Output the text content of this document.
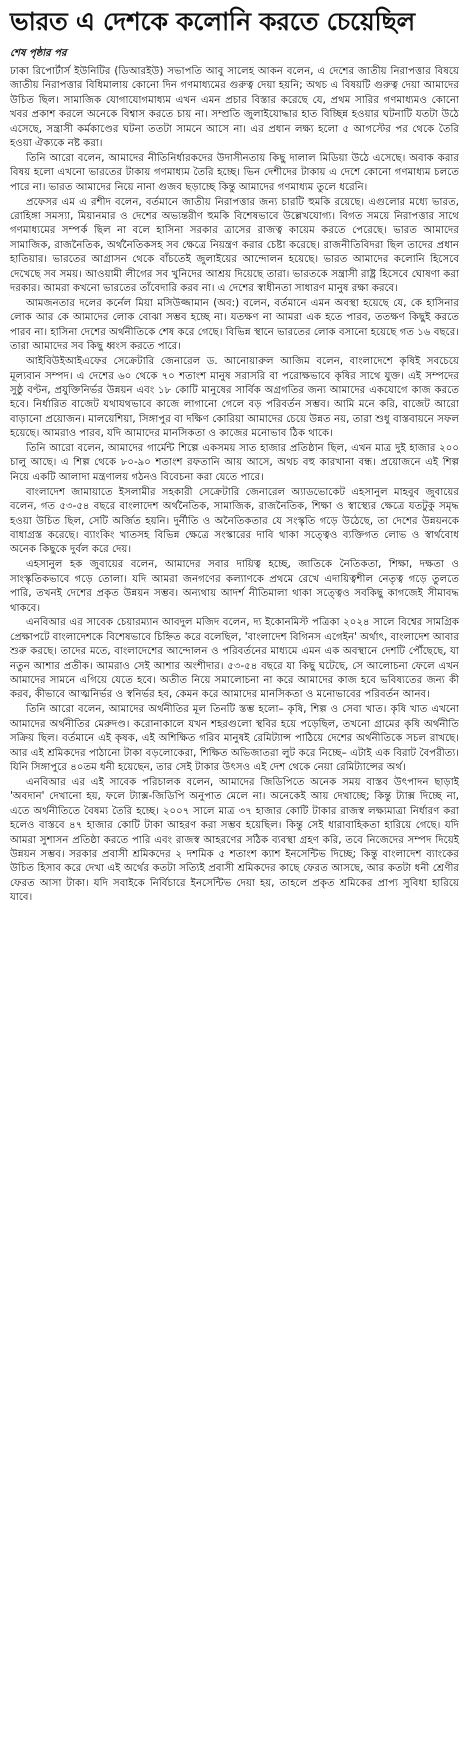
ভারত এ দেশকে কলোনি করতে চেয়েছিল
শেষ পৃষ্ঠার পর

ঢাকা রিপোর্টার্স ইউনিটির (ডিআরইউ) সভাপতি আবু সালেহ আকন বলেন, এ দেশের জাতীয় নিরাপত্তার বিষয়ে জাতীয় নিরাপত্তার বিধিমালায় কোনো দিন গণমাধ্যমের গুরুত্ব দেয়া হয়নি; অথচ এ বিষয়টি গুরুত্ব দেয়া আমাদের উচিত ছিল। সামাজিক যোগাযোগমাধ্যম এখন এমন প্রচার বিস্তার করেছে যে, প্রথম সারির গণমাধ্যমও কোনো খবর প্রকাশ করলে অনেকে বিশ্বাস করতে চায় না। সম্প্রতি জুলাইযোদ্ধার হাত বিচ্ছিন্ন হওয়ার ঘটনাটি যতটা উঠে এসেছে, সন্ত্রাসী কর্মকাণ্ডের ঘটনা ততটা সামনে আসে না। এর প্রধান লক্ষ্য হলো ৫ আগস্টের পর থেকে তৈরি হওয়া ঐক্যকে নষ্ট করা।

তিনি আরো বলেন, আমাদের নীতিনির্ধারকদের উদাসীনতায় কিছু দালাল মিডিয়া উঠে এসেছে। অবাক করার বিষয় হলো এখনো ভারতের টাকায় গণমাধ্যম তৈরি হচ্ছে। ভিন দেশীদের টাকায় এ দেশে কোনো গণমাধ্যম চলতে পারে না। ভারত আমাদের নিয়ে নানা গুজব ছড়াচ্ছে কিন্তু আমাদের গণমাধ্যম তুলে ধরেনি।

প্রফেসর এম এ রশীদ বলেন, বর্তমানে জাতীয় নিরাপত্তার জন্য চারটি হুমকি রয়েছে। এগুলোর মধ্যে ভারত, রোহিঙ্গা সমস্যা, মিয়ানমার ও দেশের অভ্যন্তরীণ হুমকি বিশেষভাবে উল্লেখযোগ্য। বিগত সময়ে নিরাপত্তার সাথে গণমাধ্যমের সম্পর্ক ছিল না বলে হাসিনা সরকার ত্রাসের রাজত্ব কায়েম করতে পেরেছে। ভারত আমাদের সামাজিক, রাজনৈতিক, অর্থনৈতিকসহ সব ক্ষেত্রে নিয়ন্ত্রণ করার চেষ্টা করেছে। রাজনীতিবিদরা ছিল তাদের প্রধান হাতিয়ার। ভারতের আগ্রাসন থেকে বাঁচতেই জুলাইয়ের আন্দোলন হয়েছে। ভারত আমাদের কলোনি হিসেবে দেখেছে সব সময়। আওয়ামী লীগের সব খুনিদের আশ্রয় দিয়েছে তারা। ভারতকে সন্ত্রাসী রাষ্ট্র হিসেবে ঘোষণা করা দরকার। আমরা কখনো ভারতের তাঁবেদারি করব না। এ দেশের স্বাধীনতা সাধারণ মানুষ রক্ষা করবে।

আমজনতার দলের কর্নেল মিয়া মসিউজ্জামান (অব:) বলেন, বর্তমানে এমন অবস্থা হয়েছে যে, কে হাসিনার লোক আর কে আমাদের লোক বোঝা সম্ভব হচ্ছে না। যতক্ষণ না আমরা এক হতে পারব, ততক্ষণ কিছুই করতে পারব না। হাসিনা দেশের অর্থনীতিকে শেষ করে গেছে। বিভিন্ন স্থানে ভারতের লোক বসানো হয়েছে গত ১৬ বছরে। তারা আমাদের সব কিছু ধ্বংস করতে পারে।

আইবিউইআইএফের সেক্রেটারি জেনারেল ড. আনোয়ারুল আজিম বলেন, বাংলাদেশে কৃষিই সবচেয়ে মূল্যবান সম্পদ। এ দেশের ৬০ থেকে ৭০ শতাংশ মানুষ সরাসরি বা পরোক্ষভাবে কৃষির সাথে যুক্ত। এই সম্পদের সুষ্ঠু বণ্টন, প্রযুক্তিনির্ভর উন্নয়ন এবং ১৮ কোটি মানুষের সার্বিক অগ্রগতির জন্য আমাদের একযোগে কাজ করতে হবে। নির্ধারিত বাজেট যথাযথভাবে কাজে লাগানো গেলে বড় পরিবর্তন সম্ভব। আমি মনে করি, বাজেট আরো বাড়ানো প্রয়োজন। মালয়েশিয়া, সিঙ্গাপুর বা দক্ষিণ কোরিয়া আমাদের চেয়ে উন্নত নয়, তারা শুধু বাস্তবায়নে সফল হয়েছে। আমরাও পারব, যদি আমাদের মানসিকতা ও কাজের মনোভাব ঠিক থাকে।

তিনি আরো বলেন, আমাদের গার্মেন্ট শিল্পে একসময় সাত হাজার প্রতিষ্ঠান ছিল, এখন মাত্র দুই হাজার ২০০ চালু আছে। এ শিল্প থেকে ৮০-৯০ শতাংশ রফতানি আয় আসে, অথচ বহু কারখানা বন্ধ। প্রয়োজনে এই শিল্প নিয়ে একটি আলাদা মন্ত্রণালয় গঠনও বিবেচনা করা যেতে পারে।

বাংলাদেশ জামায়াতে ইসলামীর সহকারী সেক্রেটারি জেনারেল অ্যাডভোকেট এহসানুল মাহবুব জুবায়ের বলেন, গত ৫৩-৫৪ বছরে বাংলাদেশ অর্থনৈতিক, সামাজিক, রাজনৈতিক, শিক্ষা ও স্বাস্থ্যের ক্ষেত্রে যতটুকু সমৃদ্ধ হওয়া উচিত ছিল, সেটি অর্জিত হয়নি। দুর্নীতি ও অনৈতিকতার যে সংস্কৃতি গড়ে উঠেছে, তা দেশের উন্নয়নকে বাধাগ্রস্ত করেছে। ব্যাংকিং খাতসহ বিভিন্ন ক্ষেত্রে সংস্কারের দাবি থাকা সত্ত্বেও ব্যক্তিগত লোভ ও স্বার্থবোধ অনেক কিছুকে দুর্বল করে দেয়।

এহসানুল হক জুবায়ের বলেন, আমাদের সবার দায়িত্ব হচ্ছে, জাতিকে নৈতিকতা, শিক্ষা, দক্ষতা ও সাংস্কৃতিকভাবে গড়ে তোলা। যদি আমরা জনগণের কল্যাণকে প্রথমে রেখে এদায়িত্বশীল নেতৃত্ব গড়ে তুলতে পারি, তখনই দেশের প্রকৃত উন্নয়ন সম্ভব। অন্যথায় আদর্শ নীতিমালা থাকা সত্ত্বেও সবকিছু কাগজেই সীমাবদ্ধ থাকবে।

এনবিআর এর সাবেক চেয়ারম্যান আবদুল মজিদ বলেন, দ্য ইকোনমিস্ট পত্রিকা ২০২৪ সালে বিশ্বের সামগ্রিক প্রেক্ষাপটে বাংলাদেশকে বিশেষভাবে চিহ্নিত করে বলেছিল, 'বাংলাদেশ বিগিনস এগেইন' অর্থাৎ, বাংলাদেশ আবার শুরু করছে। তাদের মতে, বাংলাদেশের আন্দোলন ও পরিবর্তনের মাধ্যমে এমন এক অবস্থানে দেশটি পৌঁছেছে, যা নতুন আশার প্রতীক। আমরাও সেই আশার অংশীদার। ৫৩-৫৪ বছরে যা কিছু ঘটেছে, সে আলোচনা ফেলে এখন আমাদের সামনে এগিয়ে যেতে হবে। অতীত নিয়ে সমালোচনা না করে আমাদের কাজ হবে ভবিষ্যতের জন্য কী করব, কীভাবে আত্মনির্ভর ও স্বনির্ভর হব, কেমন করে আমাদের মানসিকতা ও মনোভাবের পরিবর্তন আনব।

তিনি আরো বলেন, আমাদের অর্থনীতির মূল তিনটি স্তম্ভ হলো– কৃষি, শিল্প ও সেবা খাত। কৃষি খাত এখনো আমাদের অর্থনীতির মেরুদণ্ড। করোনাকালে যখন শহরগুলো স্থবির হয়ে পড়েছিল, তখনো গ্রামের কৃষি অর্থনীতি সক্রিয় ছিল। বর্তমানে এই কৃষক, এই অশিক্ষিত গরিব মানুষই রেমিট্যান্স পাঠিয়ে দেশের অর্থনীতিকে সচল রাখছে। আর এই শ্রমিকদের পাঠানো টাকা বড়লোকেরা, শিক্ষিত অভিজাতরা লুট করে নিচ্ছে– এটাই এক বিরাট বৈপরীত্য। যিনি সিঙ্গাপুরে ৪০তম ধনী হয়েছেন, তার সেই টাকার উৎসও এই দেশ থেকে নেয়া রেমিট্যান্সের অর্থ।

এনবিআর এর এই সাবেক পরিচালক বলেন, আমাদের জিডিপিতে অনেক সময় বাস্তব উৎপাদন ছাড়াই 'অবদান' দেখানো হয়, ফলে ট্যাক্স-জিডিপি অনুপাত মেলে না। অনেকেই আয় দেখাচ্ছে; কিন্তু ট্যাক্স দিচ্ছে না, এতে অর্থনীতিতে বৈষম্য তৈরি হচ্ছে। ২০০৭ সালে মাত্র ৩৭ হাজার কোটি টাকার রাজস্ব লক্ষ্যমাত্রা নির্ধারণ করা হলেও বাস্তবে ৪৭ হাজার কোটি টাকা আহরণ করা সম্ভব হয়েছিল। কিন্তু সেই ধারাবাহিকতা হারিয়ে গেছে। যদি আমরা সুশাসন প্রতিষ্ঠা করতে পারি এবং রাজস্ব আহরণের সঠিক ব্যবস্থা গ্রহণ করি, তবে নিজেদের সম্পদ দিয়েই উন্নয়ন সম্ভব। সরকার প্রবাসী শ্রমিকদের ২ দশমিক ৫ শতাংশ ক্যাশ ইনসেন্টিভ দিচ্ছে; কিন্তু বাংলাদেশ ব্যাংকের উচিত হিসাব করে দেখা এই অর্থের কতটা সত্যিই প্রবাসী শ্রমিকদের কাছে ফেরত আসছে, আর কতটা ধনী শ্রেণীর ফেরত আসা টাকা। যদি সবাইকে নির্বিচারে ইনসেন্টিভ দেয়া হয়, তাহলে প্রকৃত শ্রমিকের প্রাপ্য সুবিধা হারিয়ে যাবে।
